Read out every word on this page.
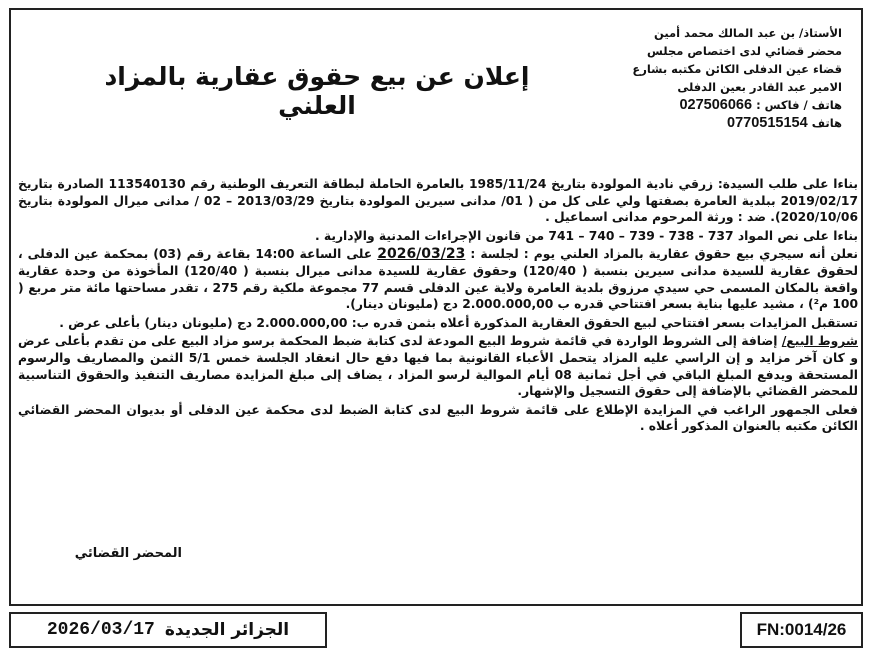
الأستاذ/ بن عبد المالك محمد أمين
محضر قضائي لدى اختصاص مجلس
قضاء عين الدفلى الكائن مكتبه بشارع
الامير عبد القادر بعين الدفلى
هاتف / فاكس : 027506066
هاتف 0770515154
إعلان عن بيع حقوق عقارية بالمزاد العلني

بناءا على طلب السيدة: زرقي نادية المولودة بتاريخ 1985/11/24 بالعامرة الحاملة لبطاقة التعريف الوطنية رقم 113540130 الصادرة بتاريخ 2019/02/17 ببلدية العامرة بصفتها ولي على كل من ( 01/ مدانى سيرين المولودة بتاريخ 2013/03/29 – 02 / مدانى ميرال المولودة بتاريخ 2020/10/06). ضد : ورثة المرحوم مدانى اسماعيل .

بناءا على نص المواد 737 - 738 - 739 – 740 – 741 من قانون الإجراءات المدنية والإدارية .

نعلن أنه سيجري بيع حقوق عقارية بالمزاد العلني يوم : لجلسة : 2026/03/23 على الساعة 14:00 بقاعة رقم (03) بمحكمة عين الدفلى ، لحقوق عقارية للسيدة مدانى سيرين بنسبة ( 120/40) وحقوق عقارية للسيدة مدانى ميرال بنسبة ( 120/40) المأخوذة من وحدة عقارية واقعة بالمكان المسمى حي سيدي مرزوق بلدية العامرة ولاية عين الدفلى قسم 77 مجموعة ملكية رقم 275 ، تقدر مساحتها مائة متر مربع ( 100 م²) ، مشيد عليها بناية بسعر افتتاحي قدره ب 2.000.000,00 دج (مليونان دينار).

تستقبل المزايدات بسعر افتتاحي لبيع الحقوق العقارية المذكورة أعلاه بثمن قدره ب: 2.000.000,00 دج (مليونان دينار) بأعلى عرض .

شروط البيع/ إضافة إلى الشروط الواردة في قائمة شروط البيع المودعة لدى كتابة ضبط المحكمة برسو مزاد البيع على من تقدم بأعلى عرض و كان آخر مزايد و إن الراسي عليه المزاد يتحمل الأعباء القانونية بما فيها دفع حال انعقاد الجلسة خمس 5/1 الثمن والمصاريف والرسوم المستحقة ويدفع المبلغ الباقي في أجل ثمانية 08 أيام الموالية لرسو المزاد ، يضاف إلى مبلغ المزايدة مصاريف التنفيذ والحقوق التناسبية للمحضر القضائي بالإضافة إلى حقوق التسجيل والإشهار.

فعلى الجمهور الراغب في المزايدة الإطلاع على قائمة شروط البيع لدى كتابة الضبط لدى محكمة عين الدفلى أو بديوان المحضر القضائي الكائن مكتبه بالعنوان المذكور أعلاه .

المحضر القضائي
2026/03/17 الجزائر الجديدة	FN:0014/26
